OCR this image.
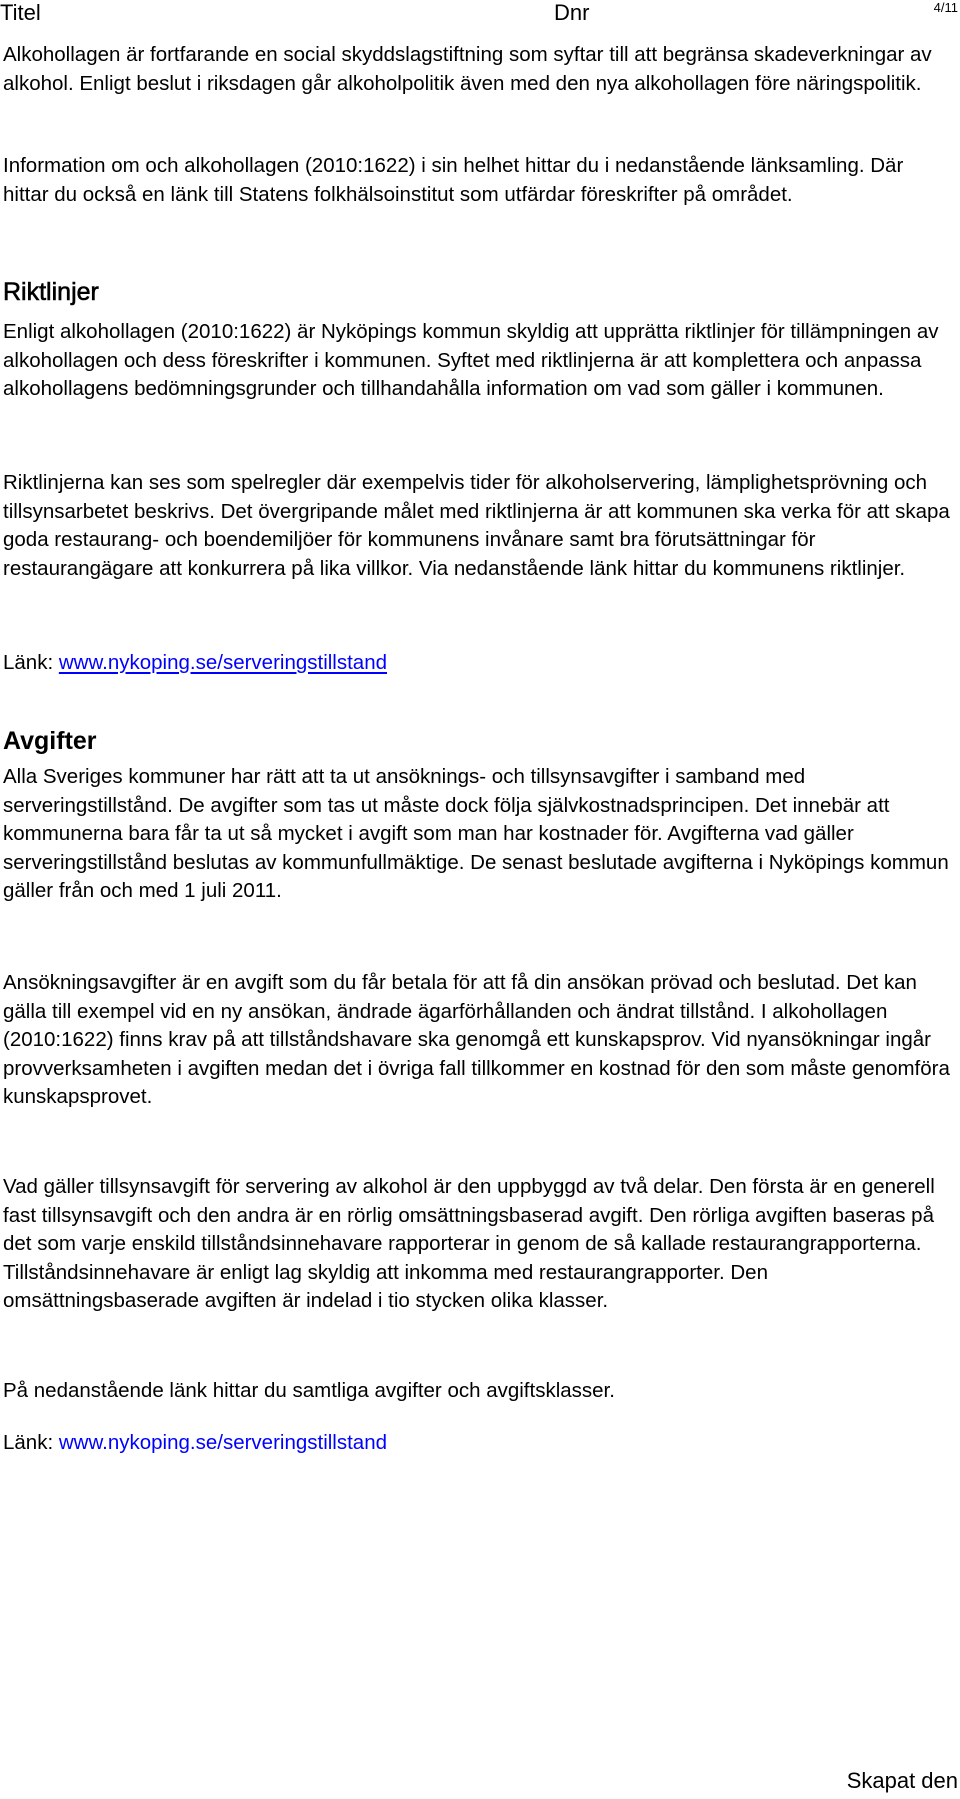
Titel	Dnr	4/11

Alkohollagen är fortfarande en social skyddslagstiftning som syftar till att begränsa skadeverkningar av alkohol. Enligt beslut i riksdagen går alkoholpolitik även med den nya alkohollagen före näringspolitik.

Information om och alkohollagen (2010:1622) i sin helhet hittar du i nedanstående länksamling. Där hittar du också en länk till Statens folkhälsoinstitut som utfärdar föreskrifter på området.

Riktlinjer

Enligt alkohollagen (2010:1622) är Nyköpings kommun skyldig att upprätta riktlinjer för tillämpningen av alkohollagen och dess föreskrifter i kommunen. Syftet med riktlinjerna är att komplettera och anpassa alkohollagens bedömningsgrunder och tillhandahålla information om vad som gäller i kommunen.

Riktlinjerna kan ses som spelregler där exempelvis tider för alkoholservering, lämplighetsprövning och tillsynsarbetet beskrivs. Det övergripande målet med riktlinjerna är att kommunen ska verka för att skapa goda restaurang- och boendemiljöer för kommunens invånare samt bra förutsättningar för restaurangägare att konkurrera på lika villkor. Via nedanstående länk hittar du kommunens riktlinjer.

Länk: www.nykoping.se/serveringstillstand

Avgifter

Alla Sveriges kommuner har rätt att ta ut ansöknings- och tillsynsavgifter i samband med serveringstillstånd. De avgifter som tas ut måste dock följa självkostnadsprincipen. Det innebär att kommunerna bara får ta ut så mycket i avgift som man har kostnader för. Avgifterna vad gäller serveringstillstånd beslutas av kommunfullmäktige. De senast beslutade avgifterna i Nyköpings kommun gäller från och med 1 juli 2011.

Ansökningsavgifter är en avgift som du får betala för att få din ansökan prövad och beslutad. Det kan gälla till exempel vid en ny ansökan, ändrade ägarförhållanden och ändrat tillstånd. I alkohollagen (2010:1622) finns krav på att tillståndshavare ska genomgå ett kunskapsprov. Vid nyansökningar ingår provverksamheten i avgiften medan det i övriga fall tillkommer en kostnad för den som måste genomföra kunskapsprovet.

Vad gäller tillsynsavgift för servering av alkohol är den uppbyggd av två delar. Den första är en generell fast tillsynsavgift och den andra är en rörlig omsättningsbaserad avgift. Den rörliga avgiften baseras på det som varje enskild tillståndsinnehavare rapporterar in genom de så kallade restaurangrapporterna. Tillståndsinnehavare är enligt lag skyldig att inkomma med restaurangrapporter. Den omsättningsbaserade avgiften är indelad i tio stycken olika klasser.

På nedanstående länk hittar du samtliga avgifter och avgiftsklasser.

Länk: www.nykoping.se/serveringstillstand

Skapat den
